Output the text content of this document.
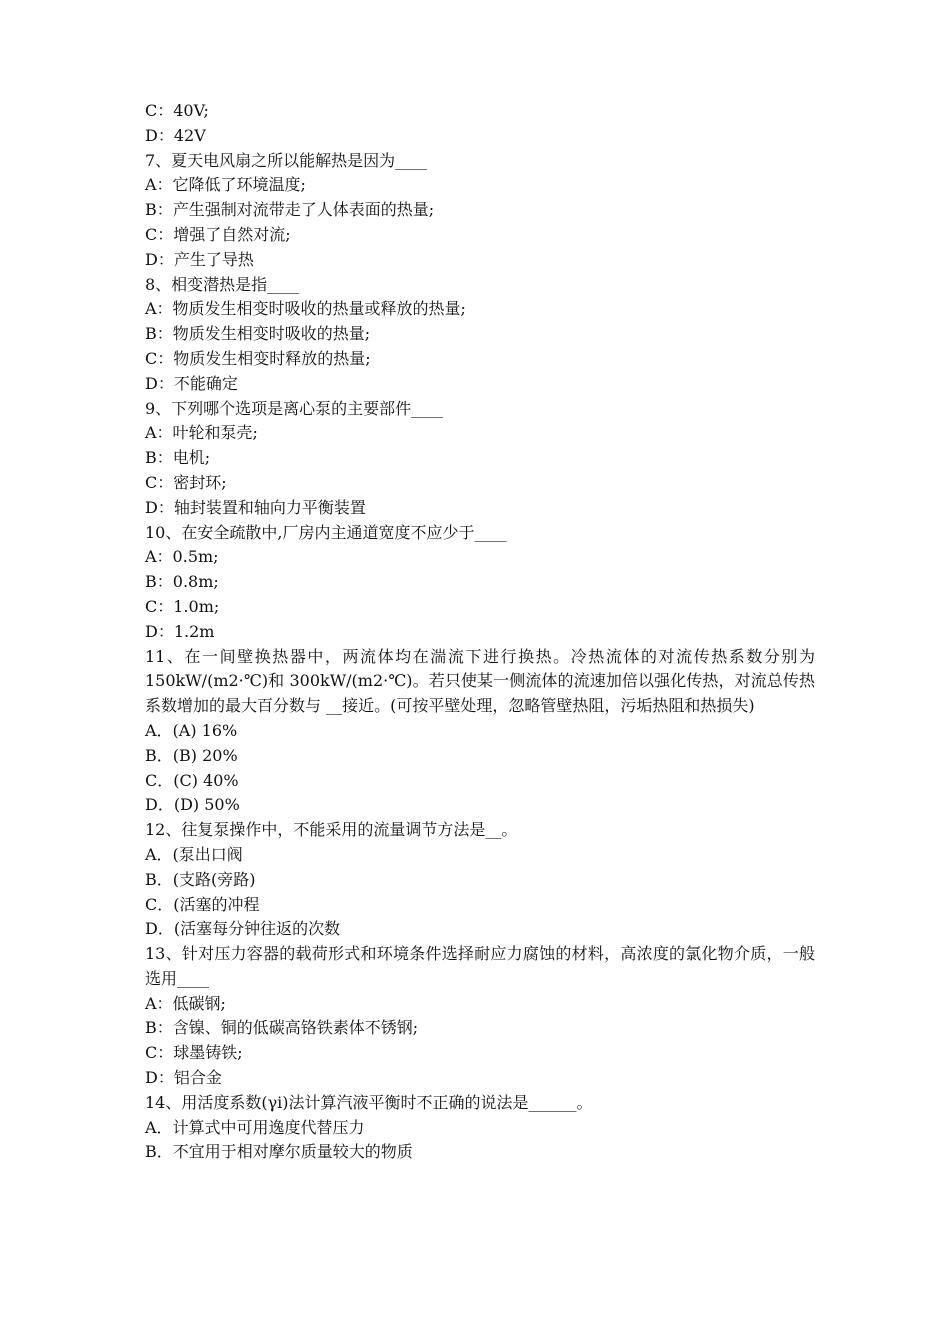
C：40V;

D：42V

7、夏天电风扇之所以能解热是因为____

A：它降低了环境温度;

B：产生强制对流带走了人体表面的热量;

C：增强了自然对流;

D：产生了导热

8、相变潜热是指____

A：物质发生相变时吸收的热量或释放的热量;

B：物质发生相变时吸收的热量;

C：物质发生相变时释放的热量;

D：不能确定

9、下列哪个选项是离心泵的主要部件____

A：叶轮和泵壳;

B：电机;

C：密封环;

D：轴封装置和轴向力平衡装置

10、在安全疏散中,厂房内主通道宽度不应少于____

A：0.5m;

B：0.8m;

C：1.0m;

D：1.2m

11、在一间壁换热器中，两流体均在湍流下进行换热。冷热流体的对流传热系数分别为 150kW/(m2·℃)和 300kW/(m2·℃)。若只使某一侧流体的流速加倍以强化传热，对流总传热系数增加的最大百分数与 __接近。(可按平壁处理，忽略管壁热阻，污垢热阻和热损失)

A．(A) 16%

B．(B) 20%

C．(C) 40%

D．(D) 50%

12、往复泵操作中，不能采用的流量调节方法是__。

A．(泵出口阀

B．(支路(旁路)

C．(活塞的冲程

D．(活塞每分钟往返的次数

13、针对压力容器的载荷形式和环境条件选择耐应力腐蚀的材料，高浓度的氯化物介质，一般选用____

A：低碳钢;

B：含镍、铜的低碳高铬铁素体不锈钢;

C：球墨铸铁;

D：铝合金

14、用活度系数(γi)法计算汽液平衡时不正确的说法是______。

A．计算式中可用逸度代替压力

B．不宜用于相对摩尔质量较大的物质
